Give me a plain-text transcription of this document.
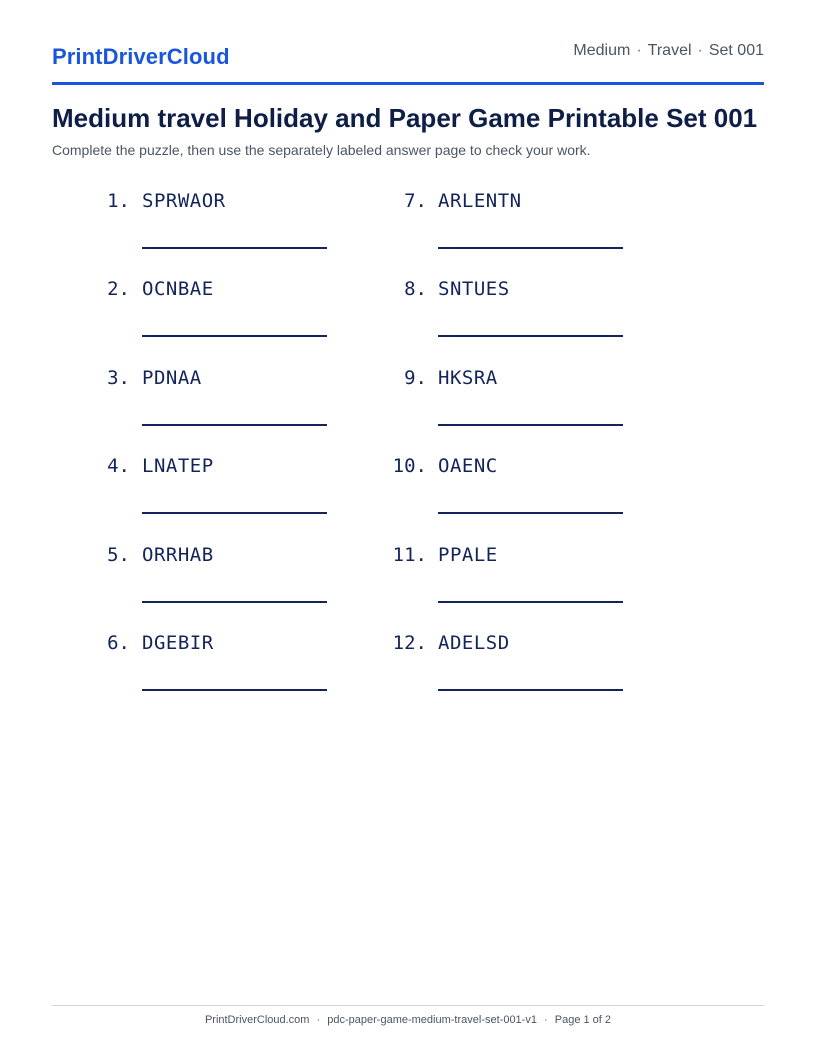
PrintDriverCloud	Medium · Travel · Set 001
Medium travel Holiday and Paper Game Printable Set 001

Complete the puzzle, then use the separately labeled answer page to check your work.

1. SPRWAOR
2. OCNBAE
3. PDNAA
4. LNATEP
5. ORRHAB
6. DGEBIR
7. ARLENTN
8. SNTUES
9. HKSRA
10. OAENC
11. PPALE
12. ADELSD
PrintDriverCloud.com · pdc-paper-game-medium-travel-set-001-v1 · Page 1 of 2
